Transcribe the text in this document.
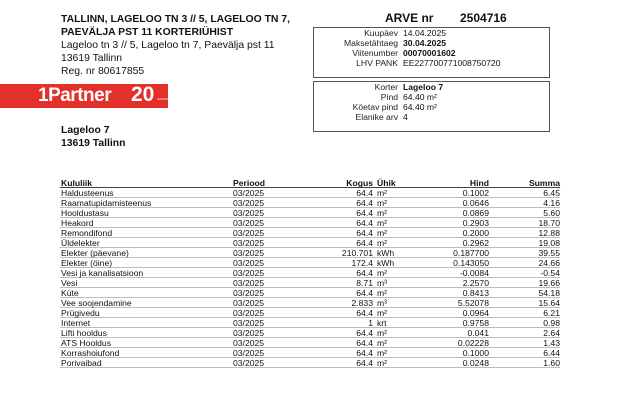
TALLINN, LAGELOO TN 3 // 5, LAGELOO TN 7,
PAEVÄLJA PST 11 KORTERIÜHIST
Lageloo tn 3 // 5, Lageloo tn 7, Paevälja pst 11
13619 Tallinn
Reg. nr 80617855
ARVE nr 2504716
Kuupäev 14.04.2025
Maksetähtaeg 30.04.2025
Viitenumber 00070001602
LHV PANK EE227700771008750720
Korter Lageloo 7
Pind 64.40 m²
Köetav pind 64.40 m²
Elanike arv 4
1Partner 20 AASTAT
Lageloo 7
13619 Tallinn
Kululiik	Periood	Kogus Ühik	Hind	Summa
Haldusteenus	03/2025	64.4 m²	0.1002	6.45
Raamatupidamisteenus	03/2025	64.4 m²	0.0646	4.16
Hooldustasu	03/2025	64.4 m²	0.0869	5.60
Heakord	03/2025	64.4 m²	0.2903	18.70
Remondifond	03/2025	64.4 m²	0.2000	12.88
Üldelekter	03/2025	64.4 m²	0.2962	19.08
Elekter (päevane)	03/2025	210.701 kWh	0.187700	39.55
Elekter (öine)	03/2025	172.4 kWh	0.143050	24.66
Vesi ja kanalisatsioon	03/2025	64.4 m²	-0.0084	-0.54
Vesi	03/2025	8.71 m³	2.2570	19.66
Küte	03/2025	64.4 m²	0.8413	54.18
Vee soojendamine	03/2025	2.833 m³	5.52078	15.64
Prügivedu	03/2025	64.4 m²	0.0964	6.21
Internet	03/2025	1 krt	0.9758	0.98
Lifti hooldus	03/2025	64.4 m²	0.041	2.64
ATS Hooldus	03/2025	64.4 m²	0.02228	1.43
Korrashoiufond	03/2025	64.4 m²	0.1000	6.44
Porivaibad	03/2025	64.4 m²	0.0248	1.60
